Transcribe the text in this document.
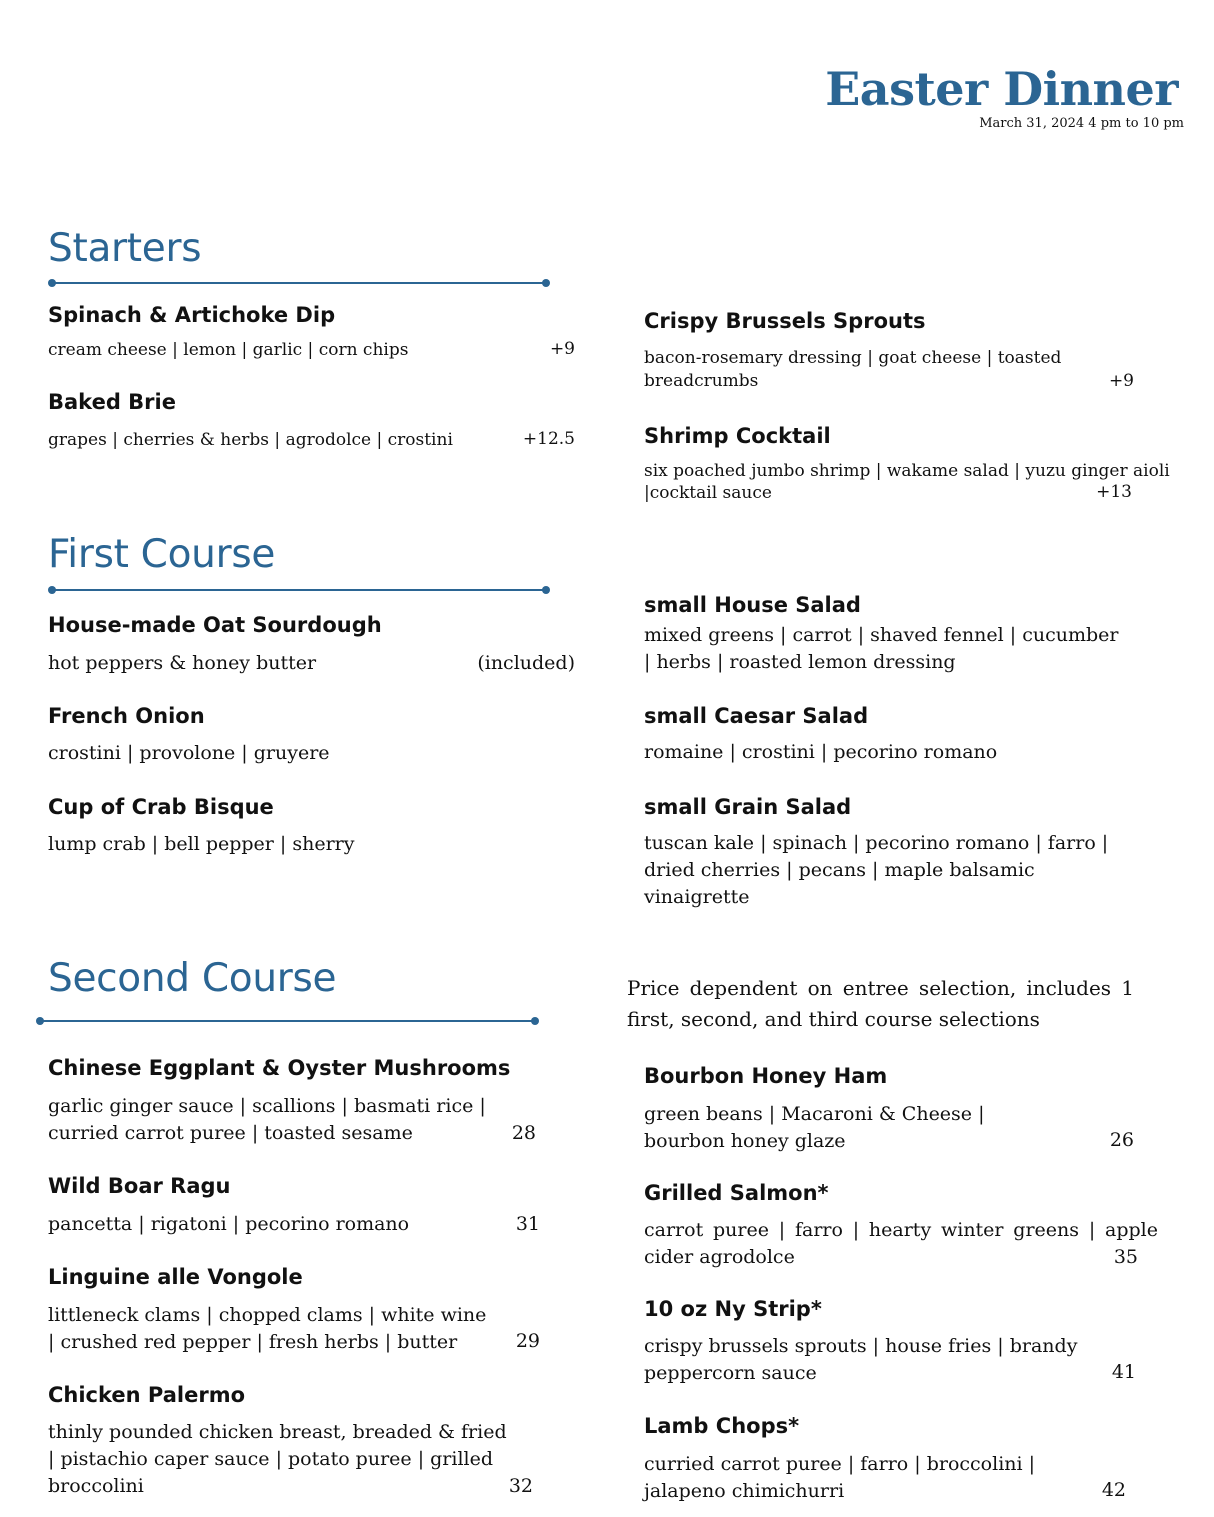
Easter Dinner
March 31, 2024 4 pm to 10 pm
Starters
Spinach & Artichoke Dip
cream cheese | lemon | garlic | corn chips	+9
Baked Brie
grapes | cherries & herbs | agrodolce | crostini	+12.5
Crispy Brussels Sprouts
bacon-rosemary dressing | goat cheese | toasted breadcrumbs	+9
Shrimp Cocktail
six poached jumbo shrimp | wakame salad | yuzu ginger aioli |cocktail sauce	+13
First Course
House-made Oat Sourdough
hot peppers & honey butter	(included)
French Onion
crostini | provolone | gruyere
Cup of Crab Bisque
lump crab | bell pepper | sherry
small House Salad
mixed greens | carrot | shaved fennel | cucumber | herbs | roasted lemon dressing
small Caesar Salad
romaine | crostini | pecorino romano
small Grain Salad
tuscan kale | spinach | pecorino romano | farro | dried cherries | pecans | maple balsamic vinaigrette
Second Course	Price dependent on entree selection, includes 1 first, second, and third course selections
Chinese Eggplant & Oyster Mushrooms
garlic ginger sauce | scallions | basmati rice | curried carrot puree | toasted sesame	28
Wild Boar Ragu
pancetta | rigatoni | pecorino romano	31
Linguine alle Vongole
littleneck clams | chopped clams | white wine | crushed red pepper | fresh herbs | butter	29
Chicken Palermo
thinly pounded chicken breast, breaded & fried | pistachio caper sauce | potato puree | grilled broccolini	32
Bourbon Honey Ham
green beans | Macaroni & Cheese | bourbon honey glaze	26
Grilled Salmon*
carrot puree | farro | hearty winter greens | apple cider agrodolce	35
10 oz Ny Strip*
crispy brussels sprouts | house fries | brandy peppercorn sauce	41
Lamb Chops*
curried carrot puree | farro | broccolini | jalapeno chimichurri	42
